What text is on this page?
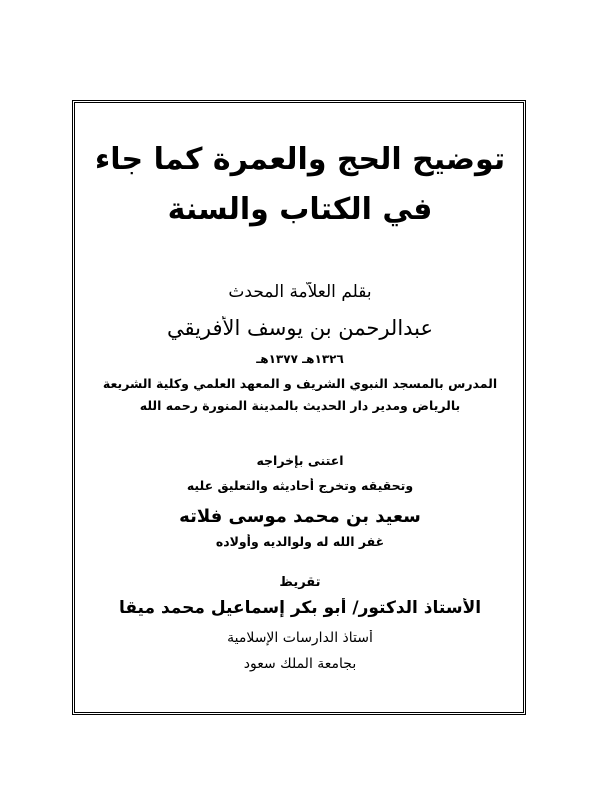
توضيح الحج والعمرة كما جاء
في الكتاب والسنة
بقلم العلاّمة المحدث
عبدالرحمن بن يوسف الأفريقي
١٣٢٦هـ ١٣٧٧هـ
المدرس بالمسجد النبوي الشريف و المعهد العلمي وكلية الشريعة
بالرياض ومدير دار الحديث بالمدينة المنورة رحمه الله
اعتنى بإخراجه
وتحقيقه وتخرج أحاديثه والتعليق عليه
سعيد بن محمد موسى فلاته
غفر الله له ولوالديه وأولاده
تقريظ
الأستاذ الدكتور/ أبو بكر إسماعيل محمد ميقا
أستاذ الدارسات الإسلامية
بجامعة الملك سعود
